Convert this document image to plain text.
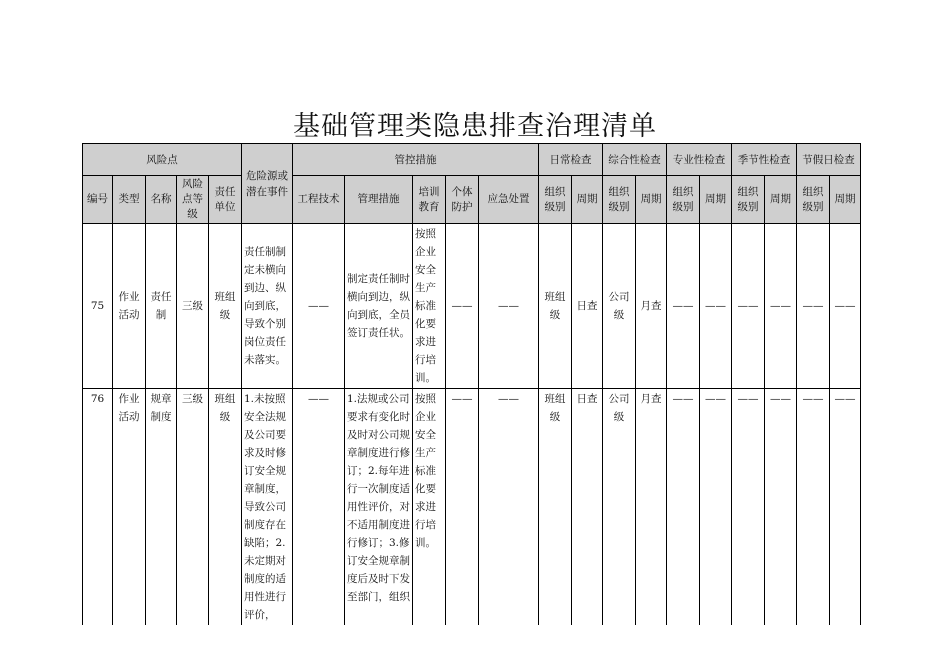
基础管理类隐患排查治理清单
风险点					危险源或潜在事件	管控措施					日常检查		综合性检查		专业性检查		季节性检查		节假日检查	
编号	类型	名称	风险点等级	责任单位		工程技术	管理措施	培训教育	个体防护	应急处置	组织级别	周期	组织级别	周期	组织级别	周期	组织级别	周期	组织级别	周期
75	作业活动	责任制	三级	班组级	责任制制定未横向到边、纵向到底，导致个别岗位责任未落实。	——	制定责任制时横向到边，纵向到底，全员签订责任状。	按照企业安全生产标准化要求进行培训。	——	——	班组级	日查	公司级	月查	——	——	——	——	——	——
76	作业活动	规章制度	三级	班组级	1.未按照安全法规及公司要求及时修订安全规章制度，导致公司制度存在缺陷；2.未定期对制度的适用性进行评价，	——	1.法规或公司要求有变化时及时对公司规章制度进行修订；2.每年进行一次制度适用性评价，对不适用制度进行修订；3.修订安全规章制度后及时下发至部门，组织	按照企业安全生产标准化要求进行培训。	——	——	班组级	日查	公司级	月查	——	——	——	——	——	——
